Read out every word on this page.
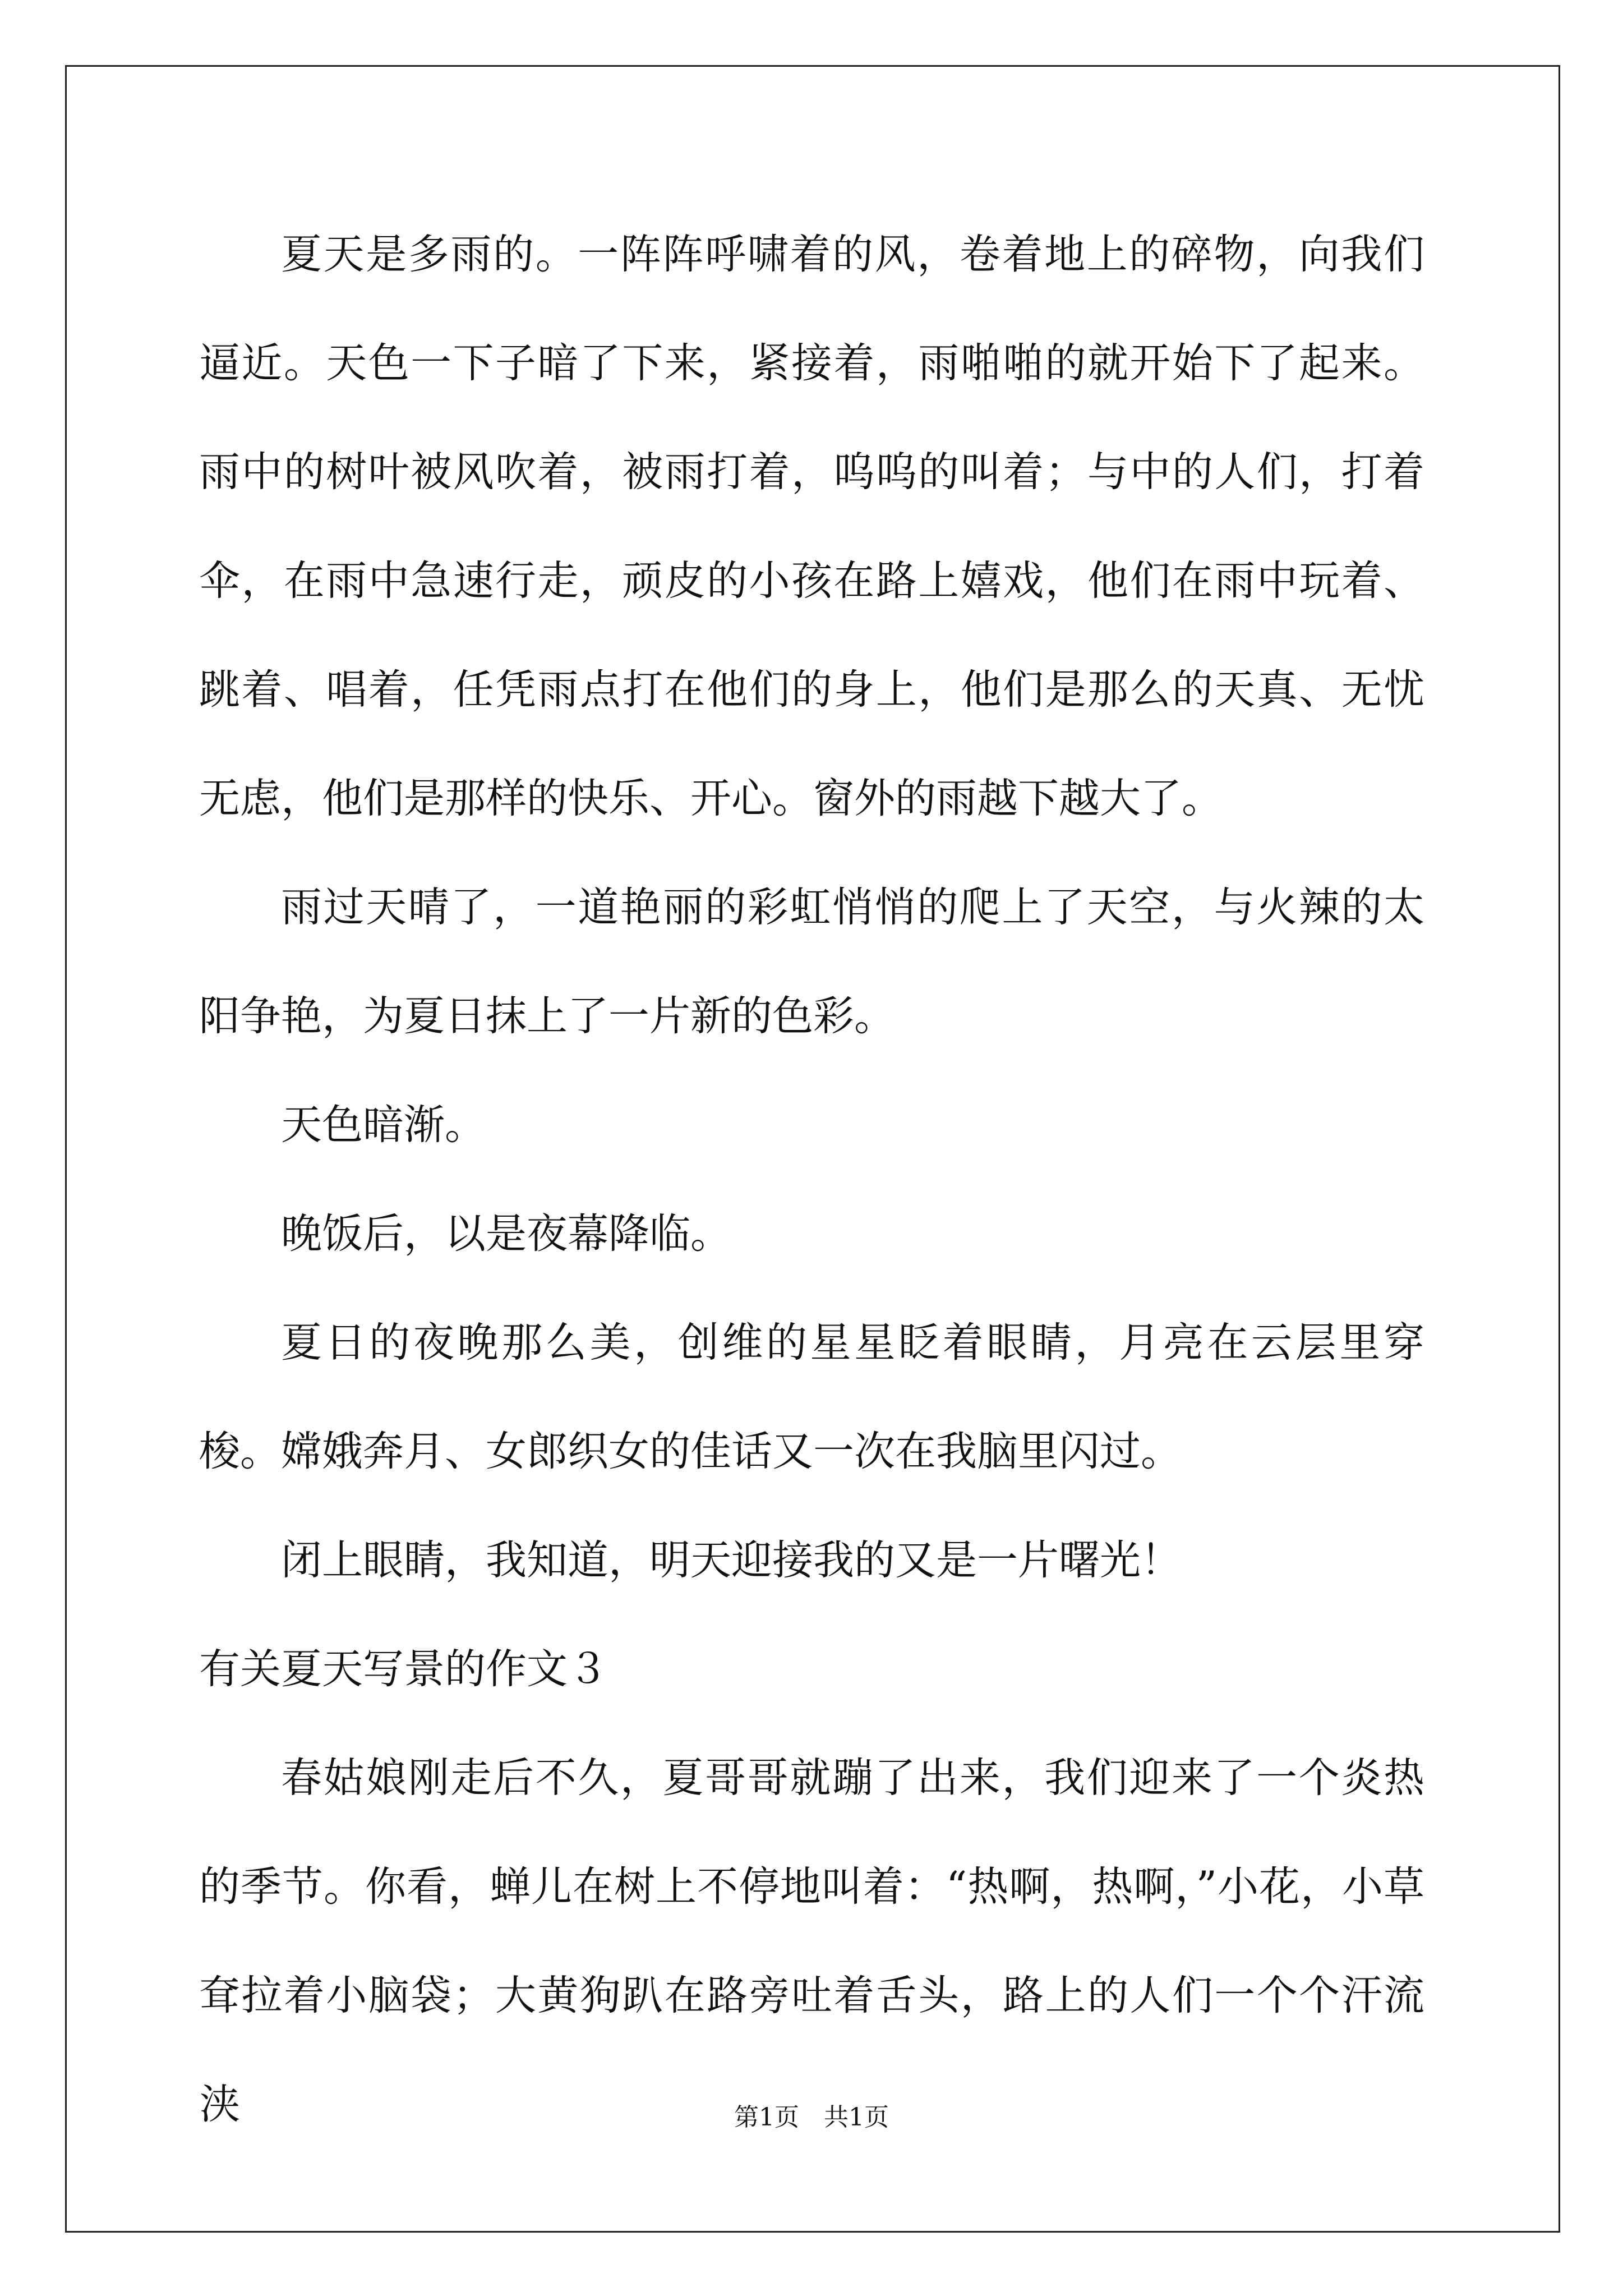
夏天是多雨的。一阵阵呼啸着的风，卷着地上的碎物，向我们逼近。天色一下子暗了下来，紧接着，雨啪啪的就开始下了起来。雨中的树叶被风吹着，被雨打着，呜呜的叫着；与中的人们，打着伞，在雨中急速行走，顽皮的小孩在路上嬉戏，他们在雨中玩着、跳着、唱着，任凭雨点打在他们的身上，他们是那么的天真、无忧无虑，他们是那样的快乐、开心。窗外的雨越下越大了。

雨过天晴了，一道艳丽的彩虹悄悄的爬上了天空，与火辣的太阳争艳，为夏日抹上了一片新的色彩。

天色暗渐。

晚饭后，以是夜幕降临。

夏日的夜晚那么美，创维的星星眨着眼睛，月亮在云层里穿梭。嫦娥奔月、女郎织女的佳话又一次在我脑里闪过。

闭上眼睛，我知道，明天迎接我的又是一片曙光！

有关夏天写景的作文３

春姑娘刚走后不久，夏哥哥就蹦了出来，我们迎来了一个炎热的季节。你看，蝉儿在树上不停地叫着：“热啊，热啊，”小花，小草耷拉着小脑袋；大黄狗趴在路旁吐着舌头，路上的人们一个个汗流浃	第1页　共1页
